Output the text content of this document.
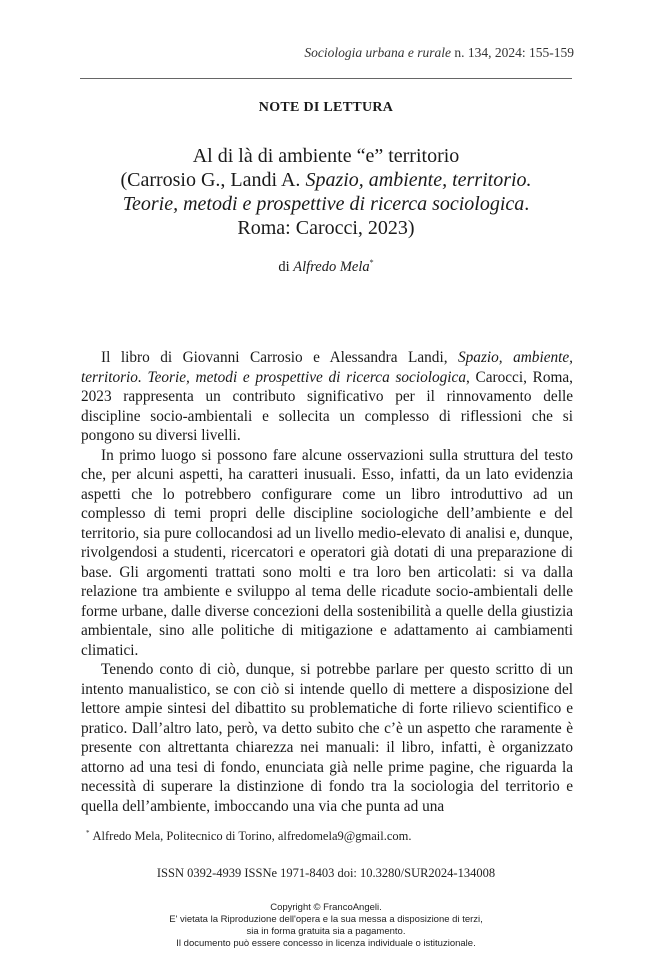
Sociologia urbana e rurale n. 134, 2024: 155-159
NOTE DI LETTURA
Al di là di ambiente “e” territorio
(Carrosio G., Landi A. Spazio, ambiente, territorio.
Teorie, metodi e prospettive di ricerca sociologica.
Roma: Carocci, 2023)
di Alfredo Mela*

Il libro di Giovanni Carrosio e Alessandra Landi, Spazio, ambiente, territorio. Teorie, metodi e prospettive di ricerca sociologica, Carocci, Roma, 2023 rappresenta un contributo significativo per il rinnovamento delle discipline socio-ambientali e sollecita un complesso di riflessioni che si pongono su diversi livelli.

In primo luogo si possono fare alcune osservazioni sulla struttura del testo che, per alcuni aspetti, ha caratteri inusuali. Esso, infatti, da un lato evidenzia aspetti che lo potrebbero configurare come un libro introduttivo ad un complesso di temi propri delle discipline sociologiche dell’ambiente e del territorio, sia pure collocandosi ad un livello medio-elevato di analisi e, dunque, rivolgendosi a studenti, ricercatori e operatori già dotati di una preparazione di base. Gli argomenti trattati sono molti e tra loro ben articolati: si va dalla relazione tra ambiente e sviluppo al tema delle ricadute socio-ambientali delle forme urbane, dalle diverse concezioni della sostenibilità a quelle della giustizia ambientale, sino alle politiche di mitigazione e adattamento ai cambiamenti climatici.

Tenendo conto di ciò, dunque, si potrebbe parlare per questo scritto di un intento manualistico, se con ciò si intende quello di mettere a disposizione del lettore ampie sintesi del dibattito su problematiche di forte rilievo scientifico e pratico. Dall’altro lato, però, va detto subito che c’è un aspetto che raramente è presente con altrettanta chiarezza nei manuali: il libro, infatti, è organizzato attorno ad una tesi di fondo, enunciata già nelle prime pagine, che riguarda la necessità di superare la distinzione di fondo tra la sociologia del territorio e quella dell’ambiente, imboccando una via che punta ad una

* Alfredo Mela, Politecnico di Torino, alfredomela9@gmail.com.
ISSN 0392-4939 ISSNe 1971-8403 doi: 10.3280/SUR2024-134008
Copyright © FrancoAngeli.
E' vietata la Riproduzione dell'opera e la sua messa a disposizione di terzi,
sia in forma gratuita sia a pagamento.
Il documento può essere concesso in licenza individuale o istituzionale.
